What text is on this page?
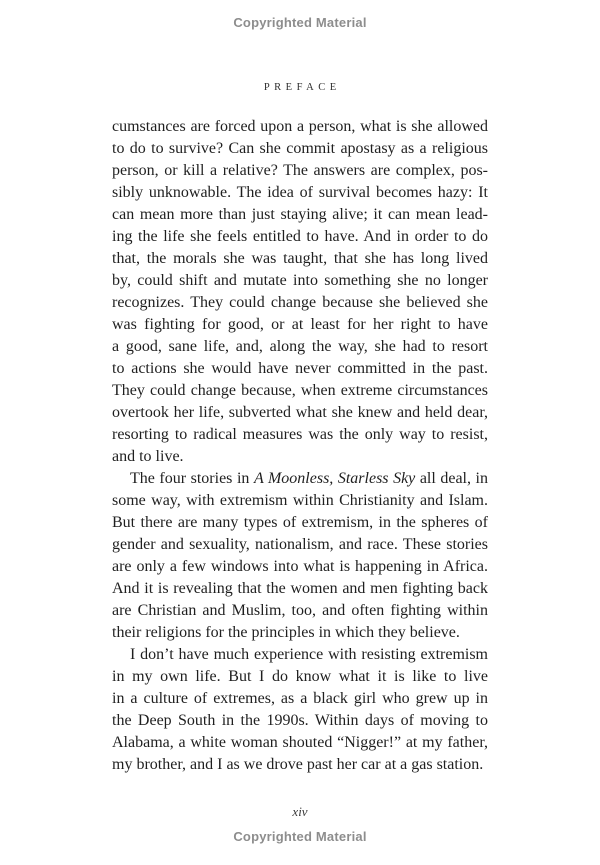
Copyrighted Material
PREFACE
cumstances are forced upon a person, what is she allowed
to do to survive? Can she commit apostasy as a religious
person, or kill a relative? The answers are complex, pos-
sibly unknowable. The idea of survival becomes hazy: It
can mean more than just staying alive; it can mean lead-
ing the life she feels entitled to have. And in order to do
that, the morals she was taught, that she has long lived
by, could shift and mutate into something she no longer
recognizes. They could change because she believed she
was fighting for good, or at least for her right to have
a good, sane life, and, along the way, she had to resort
to actions she would have never committed in the past.
They could change because, when extreme circumstances
overtook her life, subverted what she knew and held dear,
resorting to radical measures was the only way to resist,
and to live.
The four stories in A Moonless, Starless Sky all deal, in
some way, with extremism within Christianity and Islam.
But there are many types of extremism, in the spheres of
gender and sexuality, nationalism, and race. These stories
are only a few windows into what is happening in Africa.
And it is revealing that the women and men fighting back
are Christian and Muslim, too, and often fighting within
their religions for the principles in which they believe.
I don’t have much experience with resisting extremism
in my own life. But I do know what it is like to live
in a culture of extremes, as a black girl who grew up in
the Deep South in the 1990s. Within days of moving to
Alabama, a white woman shouted “Nigger!” at my father,
my brother, and I as we drove past her car at a gas station.
xiv
Copyrighted Material
